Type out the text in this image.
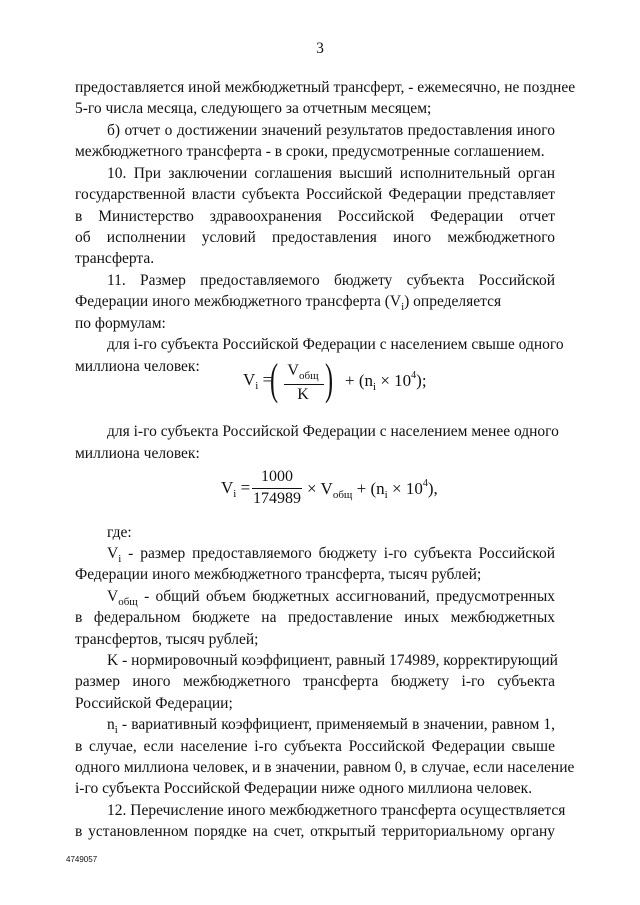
3
предоставляется иной межбюджетный трансферт, - ежемесячно, не позднее
5-го числа месяца, следующего за отчетным месяцем;
б) отчет о достижении значений результатов предоставления иного
межбюджетного трансферта - в сроки, предусмотренные соглашением.
10. При заключении соглашения высший исполнительный орган
государственной власти субъекта Российской Федерации представляет
в Министерство здравоохранения Российской Федерации отчет
об исполнении условий предоставления иного межбюджетного
трансферта.
11. Размер предоставляемого бюджету субъекта Российской
Федерации иного межбюджетного трансферта $(V_i)$ определяется
по формулам:
для i-го субъекта Российской Федерации с населением свыше одного
миллиона человек:
$V_i$ =
( $V_{общ}$
K ) + $(n_i \times 10^4)$;
для i-го субъекта Российской Федерации с населением менее одного
миллиона человек:
$V_i$ =
1000
174989
× $V_{общ} + (n_i \times 10^4)$,
где:
$V_i$ - размер предоставляемого бюджету i-го субъекта Российской
Федерации иного межбюджетного трансферта, тысяч рублей;
$V_{общ}$ - общий объем бюджетных ассигнований, предусмотренных
в федеральном бюджете на предоставление иных межбюджетных
трансфертов, тысяч рублей;
K - нормировочный коэффициент, равный 174989, корректирующий
размер иного межбюджетного трансферта бюджету i-го субъекта
Российской Федерации;
$n_i$ - вариативный коэффициент, применяемый в значении, равном 1,
в случае, если население i-го субъекта Российской Федерации свыше
одного миллиона человек, и в значении, равном 0, в случае, если население
i-го субъекта Российской Федерации ниже одного миллиона человек.
12. Перечисление иного межбюджетного трансферта осуществляется
в установленном порядке на счет, открытый территориальному органу
4749057
